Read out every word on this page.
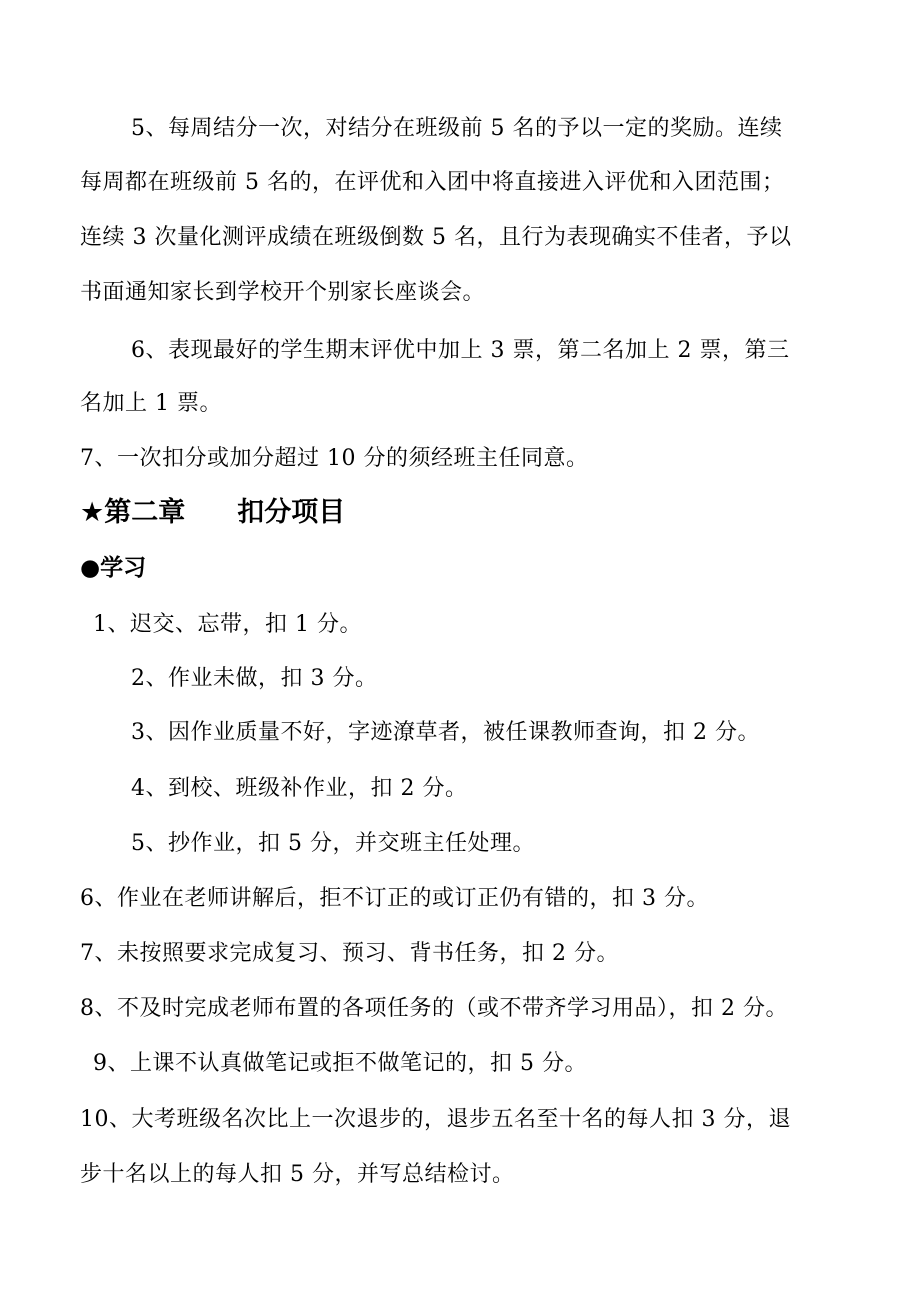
5、每周结分一次，对结分在班级前 5 名的予以一定的奖励。连续
每周都在班级前 5 名的，在评优和入团中将直接进入评优和入团范围；
连续 3 次量化测评成绩在班级倒数 5 名，且行为表现确实不佳者，予以
书面通知家长到学校开个别家长座谈会。
6、表现最好的学生期末评优中加上 3 票，第二名加上 2 票，第三
名加上 1 票。
7、一次扣分或加分超过 10 分的须经班主任同意。
★第二章 扣分项目
●学习
1、迟交、忘带，扣 1 分。
2、作业未做，扣 3 分。
3、因作业质量不好，字迹潦草者，被任课教师查询，扣 2 分。
4、到校、班级补作业，扣 2 分。
5、抄作业，扣 5 分，并交班主任处理。
6、作业在老师讲解后，拒不订正的或订正仍有错的，扣 3 分。
7、未按照要求完成复习、预习、背书任务，扣 2 分。
8、不及时完成老师布置的各项任务的（或不带齐学习用品），扣 2 分。
9、上课不认真做笔记或拒不做笔记的，扣 5 分。
10、大考班级名次比上一次退步的，退步五名至十名的每人扣 3 分，退
步十名以上的每人扣 5 分，并写总结检讨。
